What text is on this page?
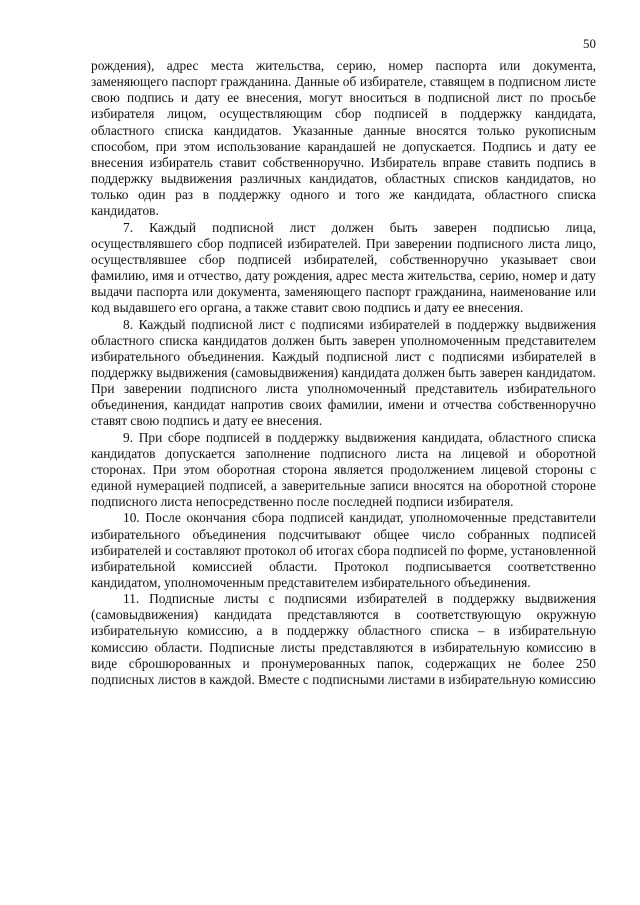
50

рождения), адрес места жительства, серию, номер паспорта или документа, заменяющего паспорт гражданина. Данные об избирателе, ставящем в подписном листе свою подпись и дату ее внесения, могут вноситься в подписной лист по просьбе избирателя лицом, осуществляющим сбор подписей в поддержку кандидата, областного списка кандидатов. Указанные данные вносятся только рукописным способом, при этом использование карандашей не допускается. Подпись и дату ее внесения избиратель ставит собственноручно. Избиратель вправе ставить подпись в поддержку выдвижения различных кандидатов, областных списков кандидатов, но только один раз в поддержку одного и того же кандидата, областного списка кандидатов.

7. Каждый подписной лист должен быть заверен подписью лица, осуществлявшего сбор подписей избирателей. При заверении подписного листа лицо, осуществлявшее сбор подписей избирателей, собственноручно указывает свои фамилию, имя и отчество, дату рождения, адрес места жительства, серию, номер и дату выдачи паспорта или документа, заменяющего паспорт гражданина, наименование или код выдавшего его органа, а также ставит свою подпись и дату ее внесения.

8. Каждый подписной лист с подписями избирателей в поддержку выдвижения областного списка кандидатов должен быть заверен уполномоченным представителем избирательного объединения. Каждый подписной лист с подписями избирателей в поддержку выдвижения (самовыдвижения) кандидата должен быть заверен кандидатом. При заверении подписного листа уполномоченный представитель избирательного объединения, кандидат напротив своих фамилии, имени и отчества собственноручно ставят свою подпись и дату ее внесения.

9. При сборе подписей в поддержку выдвижения кандидата, областного списка кандидатов допускается заполнение подписного листа на лицевой и оборотной сторонах. При этом оборотная сторона является продолжением лицевой стороны с единой нумерацией подписей, а заверительные записи вносятся на оборотной стороне подписного листа непосредственно после последней подписи избирателя.

10. После окончания сбора подписей кандидат, уполномоченные представители избирательного объединения подсчитывают общее число собранных подписей избирателей и составляют протокол об итогах сбора подписей по форме, установленной избирательной комиссией области. Протокол подписывается соответственно кандидатом, уполномоченным представителем избирательного объединения.

11. Подписные листы с подписями избирателей в поддержку выдвижения (самовыдвижения) кандидата представляются в соответствующую окружную избирательную комиссию, а в поддержку областного списка – в избирательную комиссию области. Подписные листы представляются в избирательную комиссию в виде сброшюрованных и пронумерованных папок, содержащих не более 250 подписных листов в каждой. Вместе с подписными листами в избирательную комиссию
